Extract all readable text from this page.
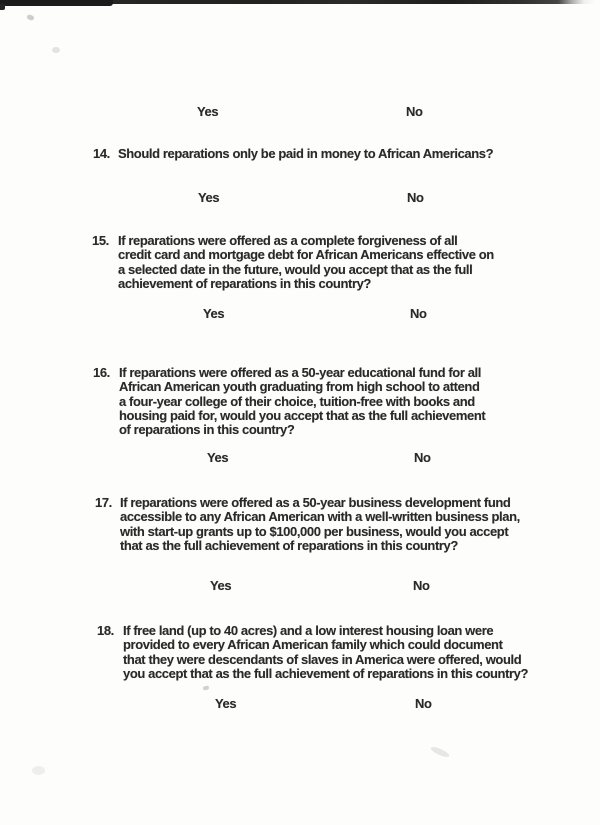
Yes	No
14. Should reparations only be paid in money to African Americans?
Yes	No
15. If reparations were offered as a complete forgiveness of all
credit card and mortgage debt for African Americans effective on
a selected date in the future, would you accept that as the full
achievement of reparations in this country?
Yes	No
16. If reparations were offered as a 50-year educational fund for all
African American youth graduating from high school to attend
a four-year college of their choice, tuition-free with books and
housing paid for, would you accept that as the full achievement
of reparations in this country?
Yes	No
17. If reparations were offered as a 50-year business development fund
accessible to any African American with a well-written business plan,
with start-up grants up to $100,000 per business, would you accept
that as the full achievement of reparations in this country?
Yes	No
18. If free land (up to 40 acres) and a low interest housing loan were
provided to every African American family which could document
that they were descendants of slaves in America were offered, would
you accept that as the full achievement of reparations in this country?
Yes	No
